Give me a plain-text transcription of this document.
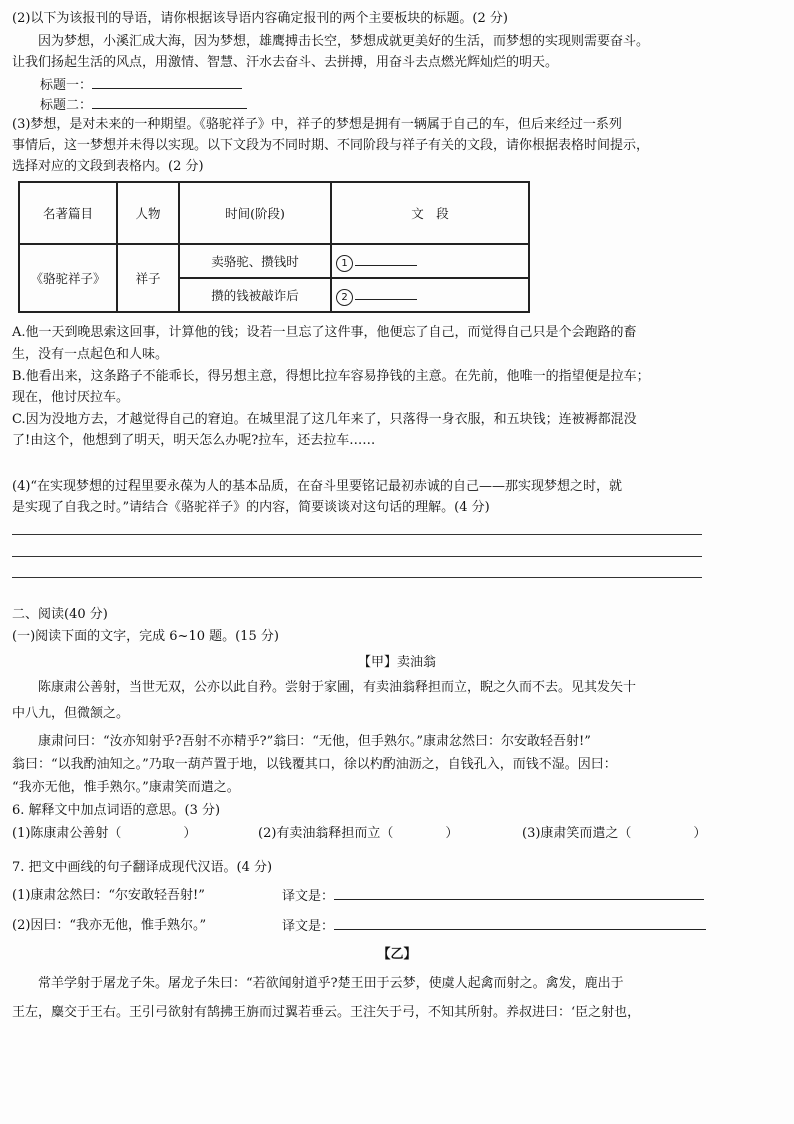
(2)以下为该报刊的导语，请你根据该导语内容确定报刊的两个主要板块的标题。(2 分)
因为梦想，小溪汇成大海，因为梦想，雄鹰搏击长空，梦想成就更美好的生活，而梦想的实现则需要奋斗。
让我们扬起生活的风点，用激情、智慧、汗水去奋斗、去拼搏，用奋斗去点燃光辉灿烂的明天。
标题一：
标题二：
(3)梦想，是对未来的一种期望。《骆驼祥子》中，祥子的梦想是拥有一辆属于自己的车，但后来经过一系列
事情后，这一梦想并未得以实现。以下文段为不同时期、不同阶段与祥子有关的文段，请你根据表格时间提示，
选择对应的文段到表格内。(2 分)
名著篇目	人物	时间(阶段)	文　段
《骆驼祥子》	祥子	卖骆驼、攒钱时	1
		攒的钱被敲诈后	2
A.他一天到晚思索这回事，计算他的钱；设若一旦忘了这件事，他便忘了自己，而觉得自己只是个会跑路的畜
生，没有一点起色和人味。
B.他看出来，这条路子不能乖长，得另想主意，得想比拉车容易挣钱的主意。在先前，他唯一的指望便是拉车；
现在，他讨厌拉车。
C.因为没地方去，才越觉得自己的窘迫。在城里混了这几年来了，只落得一身衣服，和五块钱；连被褥都混没
了!由这个，他想到了明天，明天怎么办呢?拉车，还去拉车……
(4)“在实现梦想的过程里要永葆为人的基本品质，在奋斗里要铭记最初赤诚的自己——那实现梦想之时，就
是实现了自我之时。”请结合《骆驼祥子》的内容，简要谈谈对这句话的理解。(4 分)
二、阅读(40 分)
(一)阅读下面的文字，完成 6~10 题。(15 分)
【甲】卖油翁
陈康肃公善射，当世无双，公亦以此自矜。尝射于家圃，有卖油翁释担而立，睨之久而不去。见其发矢十
中八九，但微颔之。
康肃问曰：“汝亦知射乎?吾射不亦精乎?”翁曰：“无他，但手熟尔。”康肃忿然曰：尔安敢轻吾射!”
翁曰：“以我酌油知之。”乃取一葫芦置于地，以钱覆其口，徐以杓酌油沥之，自钱孔入，而钱不湿。因曰：
“我亦无他，惟手熟尔。”康肃笑而遣之。
6. 解释文中加点词语的意思。(3 分)
(1)陈康肃公善射（	）	(2)有卖油翁释担而立（	）	(3)康肃笑而遣之（	）
7. 把文中画线的句子翻译成现代汉语。(4 分)
(1)康肃忿然曰：“尔安敢轻吾射!”	译文是：
(2)因曰：“我亦无他，惟手熟尔。”	译文是：
【乙】
常羊学射于屠龙子朱。屠龙子朱曰：“若欲闻射道乎?楚王田于云梦，使虞人起禽而射之。禽发，鹿出于
王左，麋交于王右。王引弓欲射有鹄拂王旃而过翼若垂云。王注矢于弓，不知其所射。养叔进曰：‘臣之射也，
